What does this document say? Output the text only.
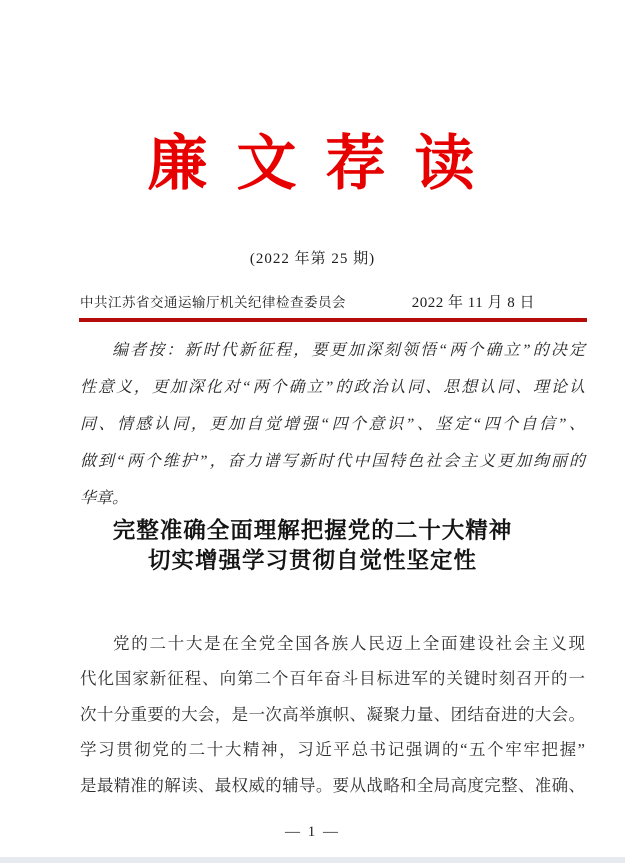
廉 文 荐 读
(2022 年第 25 期)
中共江苏省交通运输厅机关纪律检查委员会	2022 年 11 月 8 日
编者按：新时代新征程，要更加深刻领悟“两个确立”的决定
性意义，更加深化对“两个确立”的政治认同、思想认同、理论认
同、情感认同，更加自觉增强“四个意识”、坚定“四个自信”、
做到“两个维护”，奋力谱写新时代中国特色社会主义更加绚丽的
华章。
完整准确全面理解把握党的二十大精神
切实增强学习贯彻自觉性坚定性
党的二十大是在全党全国各族人民迈上全面建设社会主义现
代化国家新征程、向第二个百年奋斗目标进军的关键时刻召开的一
次十分重要的大会，是一次高举旗帜、凝聚力量、团结奋进的大会。
学习贯彻党的二十大精神，习近平总书记强调的“五个牢牢把握”
是最精准的解读、最权威的辅导。要从战略和全局高度完整、准确、
— 1 —
